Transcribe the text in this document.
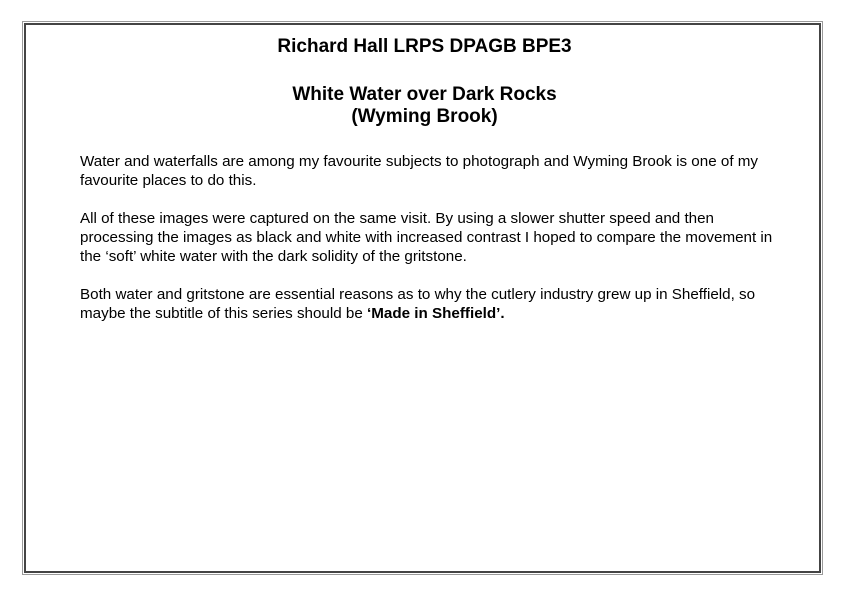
Richard Hall LRPS DPAGB BPE3
White Water over Dark Rocks
(Wyming Brook)

Water and waterfalls are among my favourite subjects to photograph and Wyming Brook is one of my favourite places to do this.

All of these images were captured on the same visit. By using a slower shutter speed and then processing the images as black and white with increased contrast I hoped to compare the movement in the ‘soft’ white water with the dark solidity of the gritstone.

Both water and gritstone are essential reasons as to why the cutlery industry grew up in Sheffield, so maybe the subtitle of this series should be ‘Made in Sheffield’.
